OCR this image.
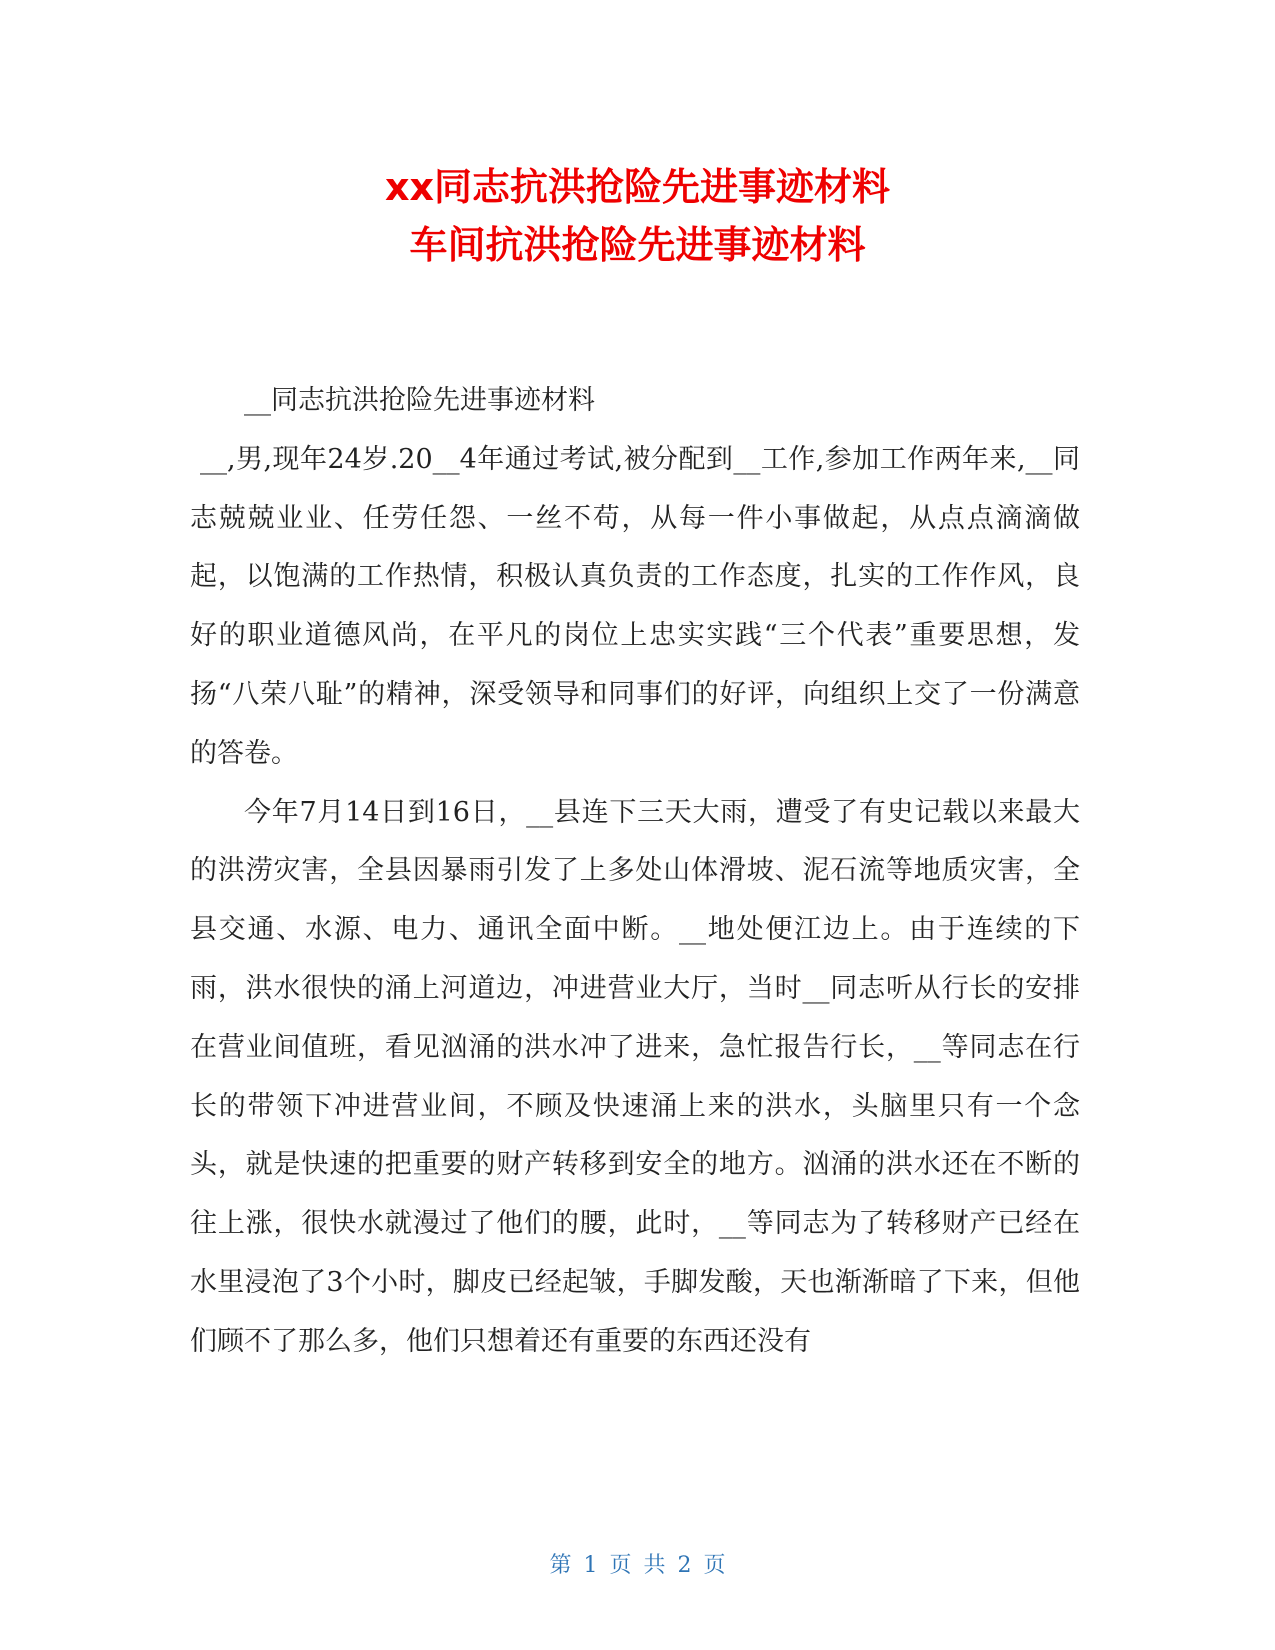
xx同志抗洪抢险先进事迹材料

车间抗洪抢险先进事迹材料

__同志抗洪抢险先进事迹材料

__,男,现年24岁.20__4年通过考试,被分配到__工作,参加工作两年来,__同志兢兢业业、任劳任怨、一丝不苟，从每一件小事做起，从点点滴滴做起，以饱满的工作热情，积极认真负责的工作态度，扎实的工作作风，良好的职业道德风尚，在平凡的岗位上忠实实践“三个代表”重要思想，发扬“八荣八耻”的精神，深受领导和同事们的好评，向组织上交了一份满意的答卷。

今年7月14日到16日，__县连下三天大雨，遭受了有史记载以来最大的洪涝灾害，全县因暴雨引发了上多处山体滑坡、泥石流等地质灾害，全县交通、水源、电力、通讯全面中断。__地处便江边上。由于连续的下雨，洪水很快的涌上河道边，冲进营业大厅，当时__同志听从行长的安排在营业间值班，看见汹涌的洪水冲了进来，急忙报告行长，__等同志在行长的带领下冲进营业间，不顾及快速涌上来的洪水，头脑里只有一个念头，就是快速的把重要的财产转移到安全的地方。汹涌的洪水还在不断的往上涨，很快水就漫过了他们的腰，此时，__等同志为了转移财产已经在水里浸泡了3个小时，脚皮已经起皱，手脚发酸，天也渐渐暗了下来，但他们顾不了那么多，他们只想着还有重要的东西还没有

第 1 页 共 2 页
